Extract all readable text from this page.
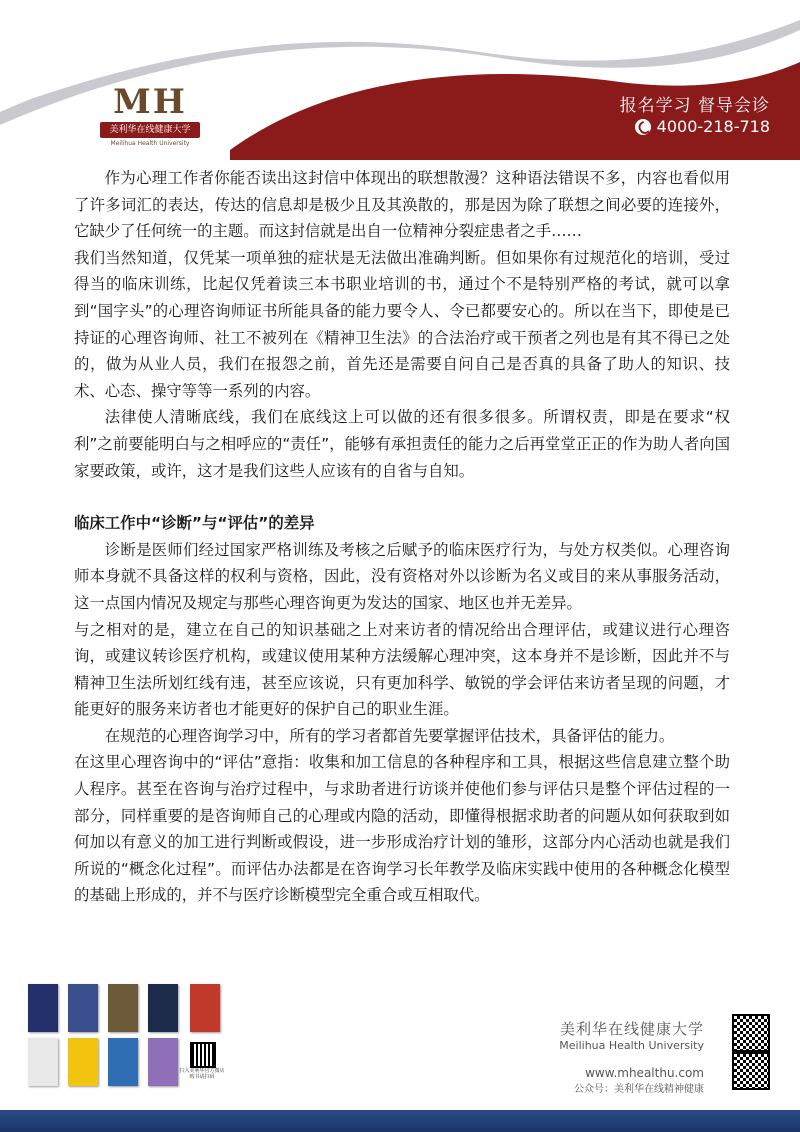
MH
美利华在线健康大学
Meilihua Health University
报名学习 督导会诊
4000-218-718

作为心理工作者你能否读出这封信中体现出的联想散漫？这种语法错误不多，内容也看似用了许多词汇的表达，传达的信息却是极少且及其涣散的，那是因为除了联想之间必要的连接外，它缺少了任何统一的主题。而这封信就是出自一位精神分裂症患者之手……

我们当然知道，仅凭某一项单独的症状是无法做出准确判断。但如果你有过规范化的培训，受过得当的临床训练，比起仅凭着读三本书职业培训的书，通过个不是特别严格的考试，就可以拿到“国字头”的心理咨询师证书所能具备的能力要令人、令已都要安心的。所以在当下，即使是已持证的心理咨询师、社工不被列在《精神卫生法》的合法治疗或干预者之列也是有其不得已之处的，做为从业人员，我们在报怨之前，首先还是需要自问自己是否真的具备了助人的知识、技术、心态、操守等等一系列的内容。

法律使人清晰底线，我们在底线这上可以做的还有很多很多。所谓权责，即是在要求“权利”之前要能明白与之相呼应的“责任”，能够有承担责任的能力之后再堂堂正正的作为助人者向国家要政策，或许，这才是我们这些人应该有的自省与自知。

临床工作中“诊断”与“评估”的差异

诊断是医师们经过国家严格训练及考核之后赋予的临床医疗行为，与处方权类似。心理咨询师本身就不具备这样的权利与资格，因此，没有资格对外以诊断为名义或目的来从事服务活动，这一点国内情况及规定与那些心理咨询更为发达的国家、地区也并无差异。

与之相对的是，建立在自己的知识基础之上对来访者的情况给出合理评估，或建议进行心理咨询，或建议转诊医疗机构，或建议使用某种方法缓解心理冲突，这本身并不是诊断，因此并不与精神卫生法所划红线有违，甚至应该说，只有更加科学、敏锐的学会评估来访者呈现的问题，才能更好的服务来访者也才能更好的保护自己的职业生涯。

在规范的心理咨询学习中，所有的学习者都首先要掌握评估技术，具备评估的能力。

在这里心理咨询中的“评估”意指：收集和加工信息的各种程序和工具，根据这些信息建立整个助人程序。甚至在咨询与治疗过程中，与求助者进行访谈并使他们参与评估只是整个评估过程的一部分，同样重要的是咨询师自己的心理或内隐的活动，即懂得根据求助者的问题从如何获取到如何加以有意义的加工进行判断或假设，进一步形成治疗计划的雏形，这部分内心活动也就是我们所说的“概念化过程”。而评估办法都是在咨询学习长年教学及临床实践中使用的各种概念化模型的基础上形成的，并不与医疗诊断模型完全重合或互相取代。

扫入美利华官方微店购书请扫码
美利华在线健康大学
Meilihua Health University
www.mhealthu.com
公众号：美利华在线精神健康
